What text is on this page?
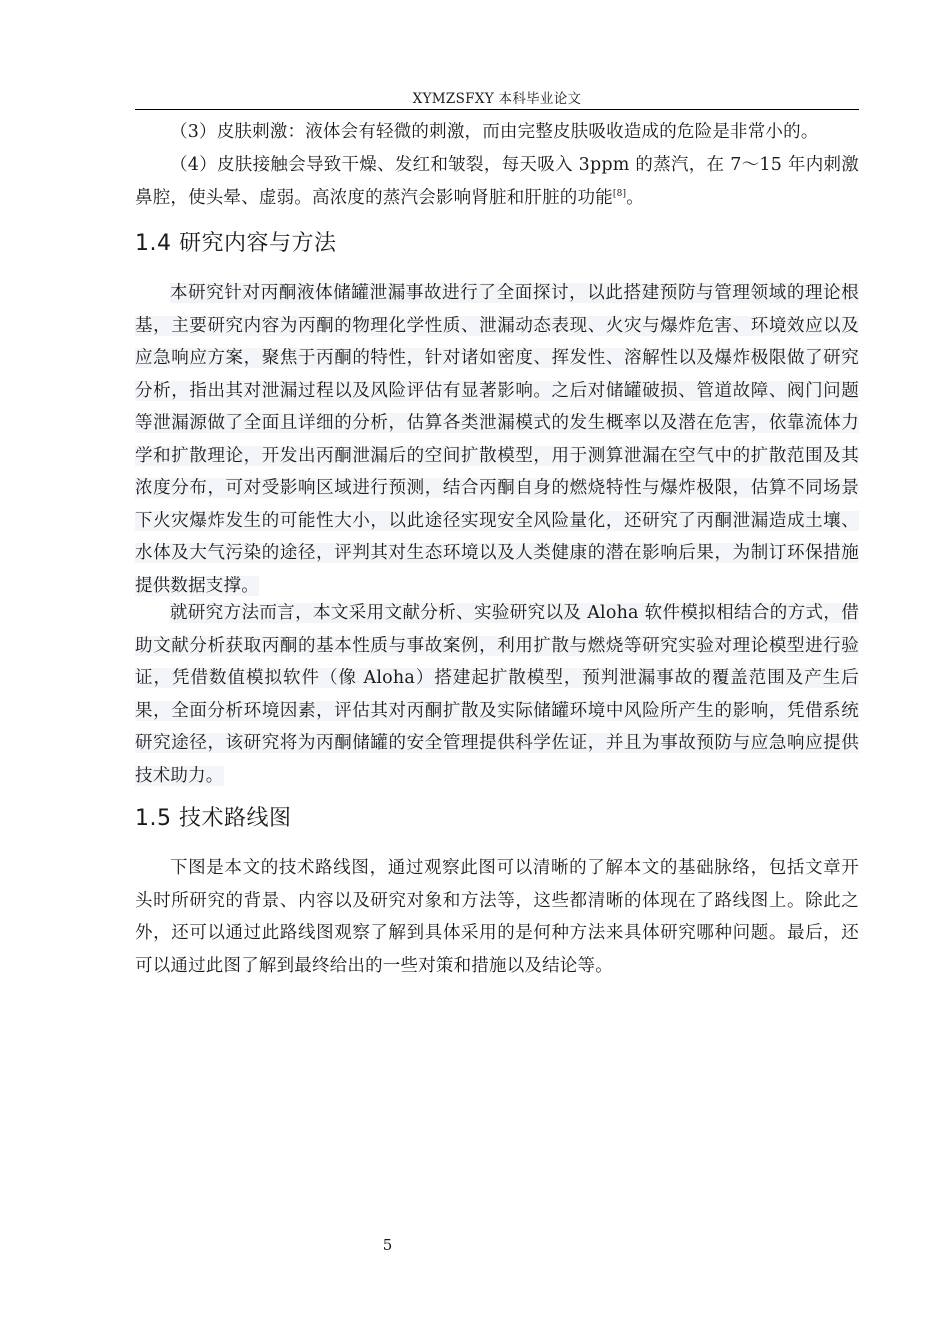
XYMZSFXY 本科毕业论文

（3）皮肤刺激：液体会有轻微的刺激，而由完整皮肤吸收造成的危险是非常小的。

（4）皮肤接触会导致干燥、发红和皱裂，每天吸入 3ppm 的蒸汽，在 7～15 年内刺激鼻腔，使头晕、虚弱。高浓度的蒸汽会影响肾脏和肝脏的功能[8]。

1.4 研究内容与方法

本研究针对丙酮液体储罐泄漏事故进行了全面探讨，以此搭建预防与管理领域的理论根基，主要研究内容为丙酮的物理化学性质、泄漏动态表现、火灾与爆炸危害、环境效应以及应急响应方案，聚焦于丙酮的特性，针对诸如密度、挥发性、溶解性以及爆炸极限做了研究分析，指出其对泄漏过程以及风险评估有显著影响。之后对储罐破损、管道故障、阀门问题等泄漏源做了全面且详细的分析，估算各类泄漏模式的发生概率以及潜在危害，依靠流体力学和扩散理论，开发出丙酮泄漏后的空间扩散模型，用于测算泄漏在空气中的扩散范围及其浓度分布，可对受影响区域进行预测，结合丙酮自身的燃烧特性与爆炸极限，估算不同场景下火灾爆炸发生的可能性大小，以此途径实现安全风险量化，还研究了丙酮泄漏造成土壤、水体及大气污染的途径，评判其对生态环境以及人类健康的潜在影响后果，为制订环保措施提供数据支撑。

就研究方法而言，本文采用文献分析、实验研究以及 Aloha 软件模拟相结合的方式，借助文献分析获取丙酮的基本性质与事故案例，利用扩散与燃烧等研究实验对理论模型进行验证，凭借数值模拟软件（像 Aloha）搭建起扩散模型，预判泄漏事故的覆盖范围及产生后果，全面分析环境因素，评估其对丙酮扩散及实际储罐环境中风险所产生的影响，凭借系统研究途径，该研究将为丙酮储罐的安全管理提供科学佐证，并且为事故预防与应急响应提供技术助力。

1.5 技术路线图

下图是本文的技术路线图，通过观察此图可以清晰的了解本文的基础脉络，包括文章开头时所研究的背景、内容以及研究对象和方法等，这些都清晰的体现在了路线图上。除此之外，还可以通过此路线图观察了解到具体采用的是何种方法来具体研究哪种问题。最后，还可以通过此图了解到最终给出的一些对策和措施以及结论等。

5
